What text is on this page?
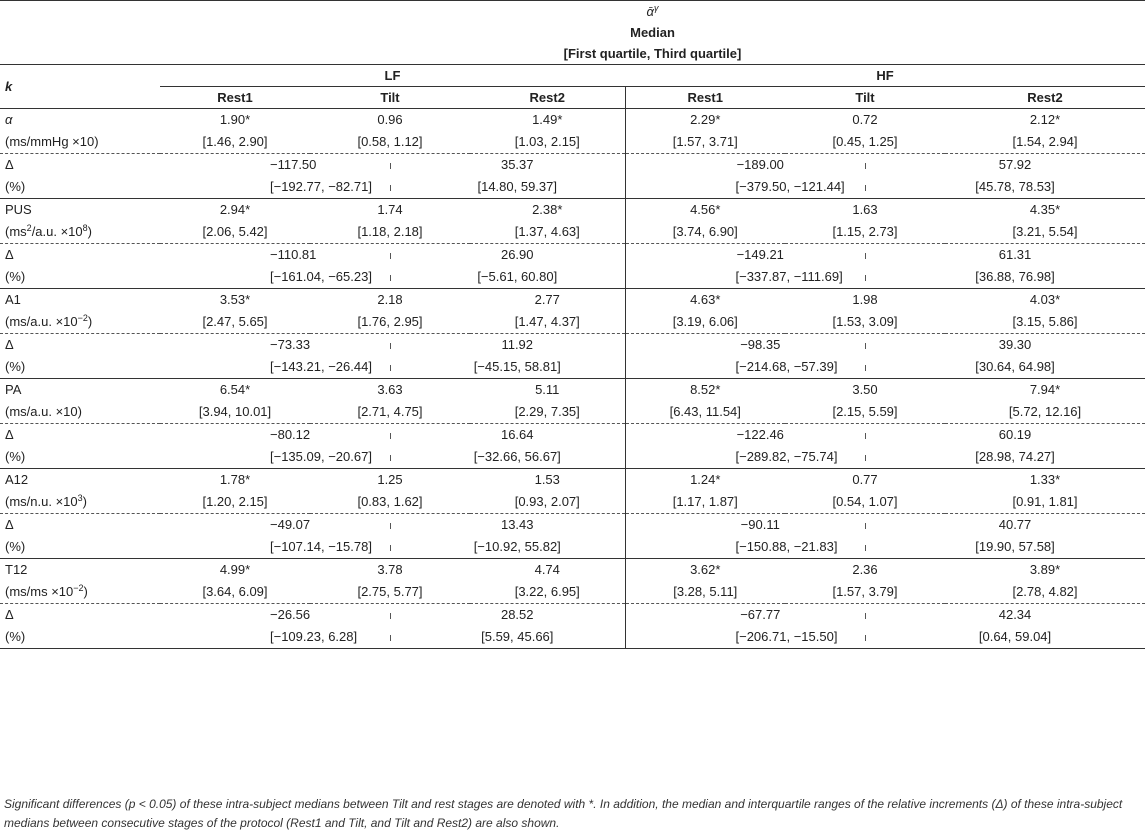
	ᾱ$^\gamma$
	Median					
	[First quartile, Third quartile]					
k	LF			HF		
	Rest1	Tilt	Rest2	Rest1	Tilt	Rest2
α	1.90*	0.96	1.49*	2.29*	0.72	2.12*
(ms/mmHg ×10)	[1.46, 2.90]	[0.58, 1.12]	[1.03, 2.15]	[1.57, 3.71]	[0.45, 1.25]	[1.54, 2.94]
Δ	−117.50		35.37	−189.00		57.92
(%)	[−192.77, −82.71]		[14.80, 59.37]	[−379.50, −121.44]		[45.78, 78.53]
PUS	2.94*	1.74	2.38*	4.56*	1.63	4.35*
($ms^2/a.u$. $\times 10^8$)	[2.06, 5.42]	[1.18, 2.18]	[1.37, 4.63]	[3.74, 6.90]	[1.15, 2.73]	[3.21, 5.54]
Δ	−110.81		26.90	−149.21		61.31
(%)	[−161.04, −65.23]		[−5.61, 60.80]	[−337.87, −111.69]		[36.88, 76.98]
A1	3.53*	2.18	2.77	4.63*	1.98	4.03*
(ms/a.u. $\times 10^{-2}$)	[2.47, 5.65]	[1.76, 2.95]	[1.47, 4.37]	[3.19, 6.06]	[1.53, 3.09]	[3.15, 5.86]
Δ	−73.33		11.92	−98.35		39.30
(%)	[−143.21, −26.44]		[−45.15, 58.81]	[−214.68, −57.39]		[30.64, 64.98]
PA	6.54*	3.63	5.11	8.52*	3.50	7.94*
(ms/a.u. ×10)	[3.94, 10.01]	[2.71, 4.75]	[2.29, 7.35]	[6.43, 11.54]	[2.15, 5.59]	[5.72, 12.16]
Δ	−80.12		16.64	−122.46		60.19
(%)	[−135.09, −20.67]		[−32.66, 56.67]	[−289.82, −75.74]		[28.98, 74.27]
A12	1.78*	1.25	1.53	1.24*	0.77	1.33*
(ms/n.u. $\times 10^3$)	[1.20, 2.15]	[0.83, 1.62]	[0.93, 2.07]	[1.17, 1.87]	[0.54, 1.07]	[0.91, 1.81]
Δ	−49.07		13.43	−90.11		40.77
(%)	[−107.14, −15.78]		[−10.92, 55.82]	[−150.88, −21.83]		[19.90, 57.58]
T12	4.99*	3.78	4.74	3.62*	2.36	3.89*
$(ms/ms \times 10^{-2})$	[3.64, 6.09]	[2.75, 5.77]	[3.22, 6.95]	[3.28, 5.11]	[1.57, 3.79]	[2.78, 4.82]
Δ	−26.56		28.52	−67.77		42.34
(%)	[−109.23, 6.28]		[5.59, 45.66]	[−206.71, −15.50]		[0.64, 59.04]
Significant differences (p < 0.05) of these intra-subject medians between Tilt and rest stages are denoted with *. In addition, the median and interquartile ranges of the relative increments (Δ) of these intra-subject medians between consecutive stages of the protocol (Rest1 and Tilt, and Tilt and Rest2) are also shown.
